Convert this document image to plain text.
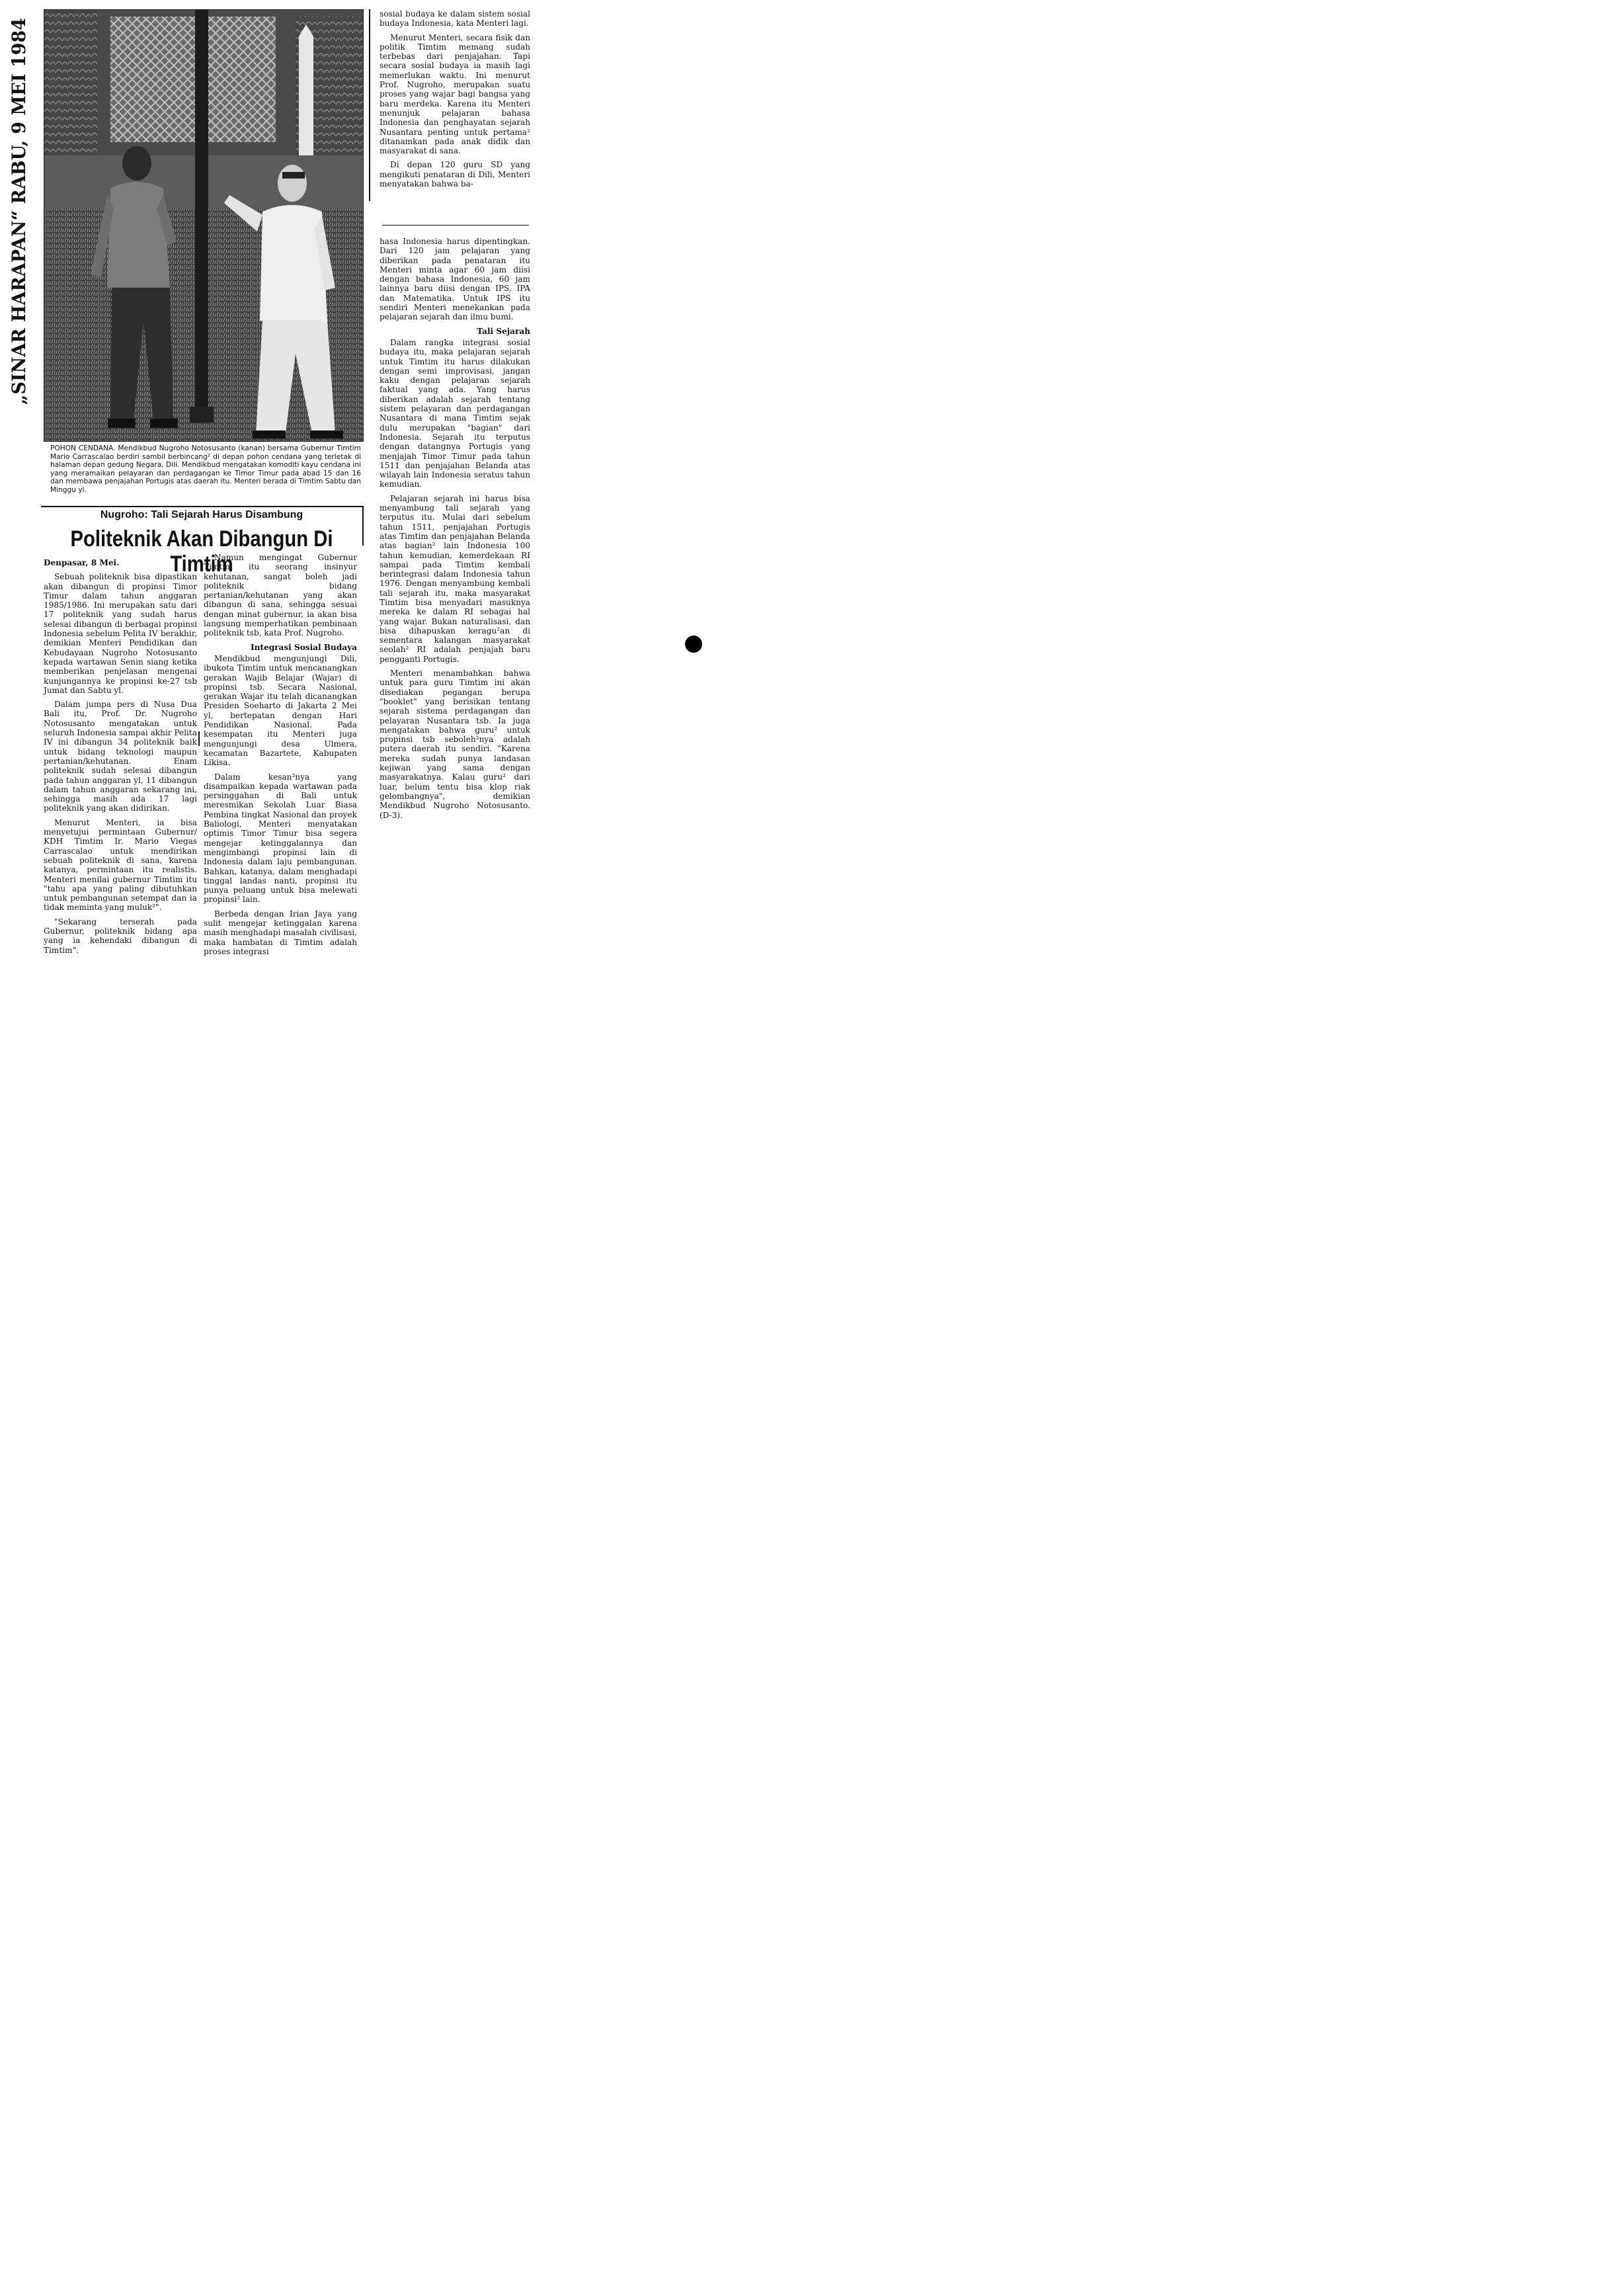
„SINAR HARAPAN“ RABU, 9 MEI 1984

POHON CENDANA. Mendikbud Nugroho Notosusanto (kanan) bersama Gubernur Timtim Mario Carrascalao berdiri sambil berbincang² di depan pohon cendana yang terletak di halaman depan gedung Negara, Dili. Mendikbud mengatakan komoditi kayu cendana ini yang meramaikan pelayaran dan perdagangan ke Timor Timur pada abad 15 dan 16 dan membawa penjajahan Portugis atas daerah itu. Menteri berada di Timtim Sabtu dan Minggu yl.

Nugroho: Tali Sejarah Harus Disambung

Politeknik Akan Dibangun Di Timtim

Denpasar, 8 Mei.

Sebuah politeknik bisa dipastikan akan dibangun di propinsi Timor Timur dalam tahun anggaran 1985/1986. Ini merupakan satu dari 17 politeknik yang sudah harus selesai dibangun di berbagai propinsi Indonesia sebelum Pelita IV berakhir, demikian Menteri Pendidikan dan Kebudayaan Nugroho Notosusanto kepada wartawan Senin siang ketika memberikan penjelasan mengenai kunjungannya ke propinsi ke-27 tsb Jumat dan Sabtu yl.

Dalam jumpa pers di Nusa Dua Bali itu, Prof. Dr. Nugroho Notosusanto mengatakan untuk seluruh Indonesia sampai akhir Pelita IV ini dibangun 34 politeknik baik untuk bidang teknologi maupun pertanian/kehutanan. Enam politeknik sudah selesai dibangun pada tahun anggaran yl, 11 dibangun dalam tahun anggaran sekarang ini, sehingga masih ada 17 lagi politeknik yang akan didirikan.

Menurut Menteri, ia bisa menyetujui permintaan Gubernur/ KDH Timtim Ir. Mario Viegas Carrascalao untuk mendirikan sebuah politeknik di sana, karena katanya, permintaan itu realistis. Menteri menilai gubernur Timtim itu "tahu apa yang paling dibutuhkan untuk pembangunan setempat dan ia tidak meminta yang muluk²".

"Sekarang terserah pada Gubernur, politeknik bidang apa yang ia kehendaki dibangun di Timtim".

Namun mengingat Gubernur Timtim itu seorang insinyur kehutanan, sangat boleh jadi politeknik bidang pertanian/kehutanan yang akan dibangun di sana, sehingga sesuai dengan minat gubernur, ia akan bisa langsung memperhatikan pembinaan politeknik tsb, kata Prof. Nugroho.

Integrasi Sosial Budaya

Mendikbud mengunjungi Dili, ibukota Timtim untuk mencanangkan gerakan Wajib Belajar (Wajar) di propinsi tsb. Secara Nasional, gerakan Wajar itu telah dicanangkan Presiden Soeharto di Jakarta 2 Mei yl, bertepatan dengan Hari Pendidikan Nasional. Pada kesempatan itu Menteri juga mengunjungi desa Ulmera, kecamatan Bazartete, Kabupaten Likisa.

Dalam kesan²nya yang disampaikan kepada wartawan pada persinggahan di Bali untuk meresmikan Sekolah Luar Biasa Pembina tingkat Nasional dan proyek Baliologi, Menteri menyatakan optimis Timor Timur bisa segera mengejar ketinggalannya dan mengimbangi propinsi lain di Indonesia dalam laju pembangunan. Bahkan, katanya, dalam menghadapi tinggal landas nanti, propinsi itu punya peluang untuk bisa melewati propinsi² lain.

Berbeda dengan Irian Jaya yang sulit mengejar ketinggalan karena masih menghadapi masalah civilisasi, maka hambatan di Timtim adalah proses integrasi

sosial budaya ke dalam sistem sosial budaya Indonesia, kata Menteri lagi.

Menurut Menteri, secara fisik dan politik Timtim memang sudah terbebas dari penjajahan. Tapi secara sosial budaya ia masih lagi memerlukan waktu. Ini menurut Prof. Nugroho, merupakan suatu proses yang wajar bagi bangsa yang baru merdeka. Karena itu Menteri menunjuk pelajaran bahasa Indonesia dan penghayatan sejarah Nusantara penting untuk pertama² ditanamkan pada anak didik dan masyarakat di sana.

Di depan 120 guru SD yang mengikuti penataran di Dili, Menteri menyatakan bahwa ba-

hasa Indonesia harus dipentingkan. Dari 120 jam pelajaran yang diberikan pada penataran itu Menteri minta agar 60 jam diisi dengan bahasa Indonesia, 60 jam lainnya baru diisi dengan IPS, IPA dan Matematika. Untuk IPS itu sendiri Menteri menekankan pada pelajaran sejarah dan ilmu bumi.

Tali Sejarah

Dalam rangka integrasi sosial budaya itu, maka pelajaran sejarah untuk Timtim itu harus dilakukan dengan semi improvisasi, jangan kaku dengan pelajaran sejarah faktual yang ada. Yang harus diberikan adalah sejarah tentang sistem pelayaran dan perdagangan Nusantara di mana Timtim sejak dulu merupakan "bagian" dari Indonesia. Sejarah itu terputus dengan datangnya Portugis yang menjajah Timor Timur pada tahun 1511 dan penjajahan Belanda atas wilayah lain Indonesia seratus tahun kemudian.

Pelajaran sejarah ini harus bisa menyambung tali sejarah yang terputus itu. Mulai dari sebelum tahun 1511, penjajahan Portugis atas Timtim dan penjajahan Belanda atas bagian² lain Indonesia 100 tahun kemudian, kemerdekaan RI sampai pada Timtim kembali berintegrasi dalam Indonesia tahun 1976. Dengan menyambung kembali tali sejarah itu, maka masyarakat Timtim bisa menyadari masuknya mereka ke dalam RI sebagai hal yang wajar. Bukan naturalisasi, dan bisa dihapuskan keragu²an di sementara kalangan masyarakat seolah² RI adalah penjajah baru pengganti Portugis.

Menteri menambahkan bahwa untuk para guru Timtim ini akan disediakan pegangan berupa "booklet" yang berisikan tentang sejarah sistema perdagangan dan pelayaran Nusantara tsb. Ia juga mengatakan bahwa guru² untuk propinsi tsb seboleh²nya adalah putera daerah itu sendiri. "Karena mereka sudah punya landasan kejiwan yang sama dengan masyarakatnya. Kalau guru² dari luar, belum tentu bisa klop riak gelombangnya", demikian Mendikbud Nugroho Notosusanto. (D-3).
